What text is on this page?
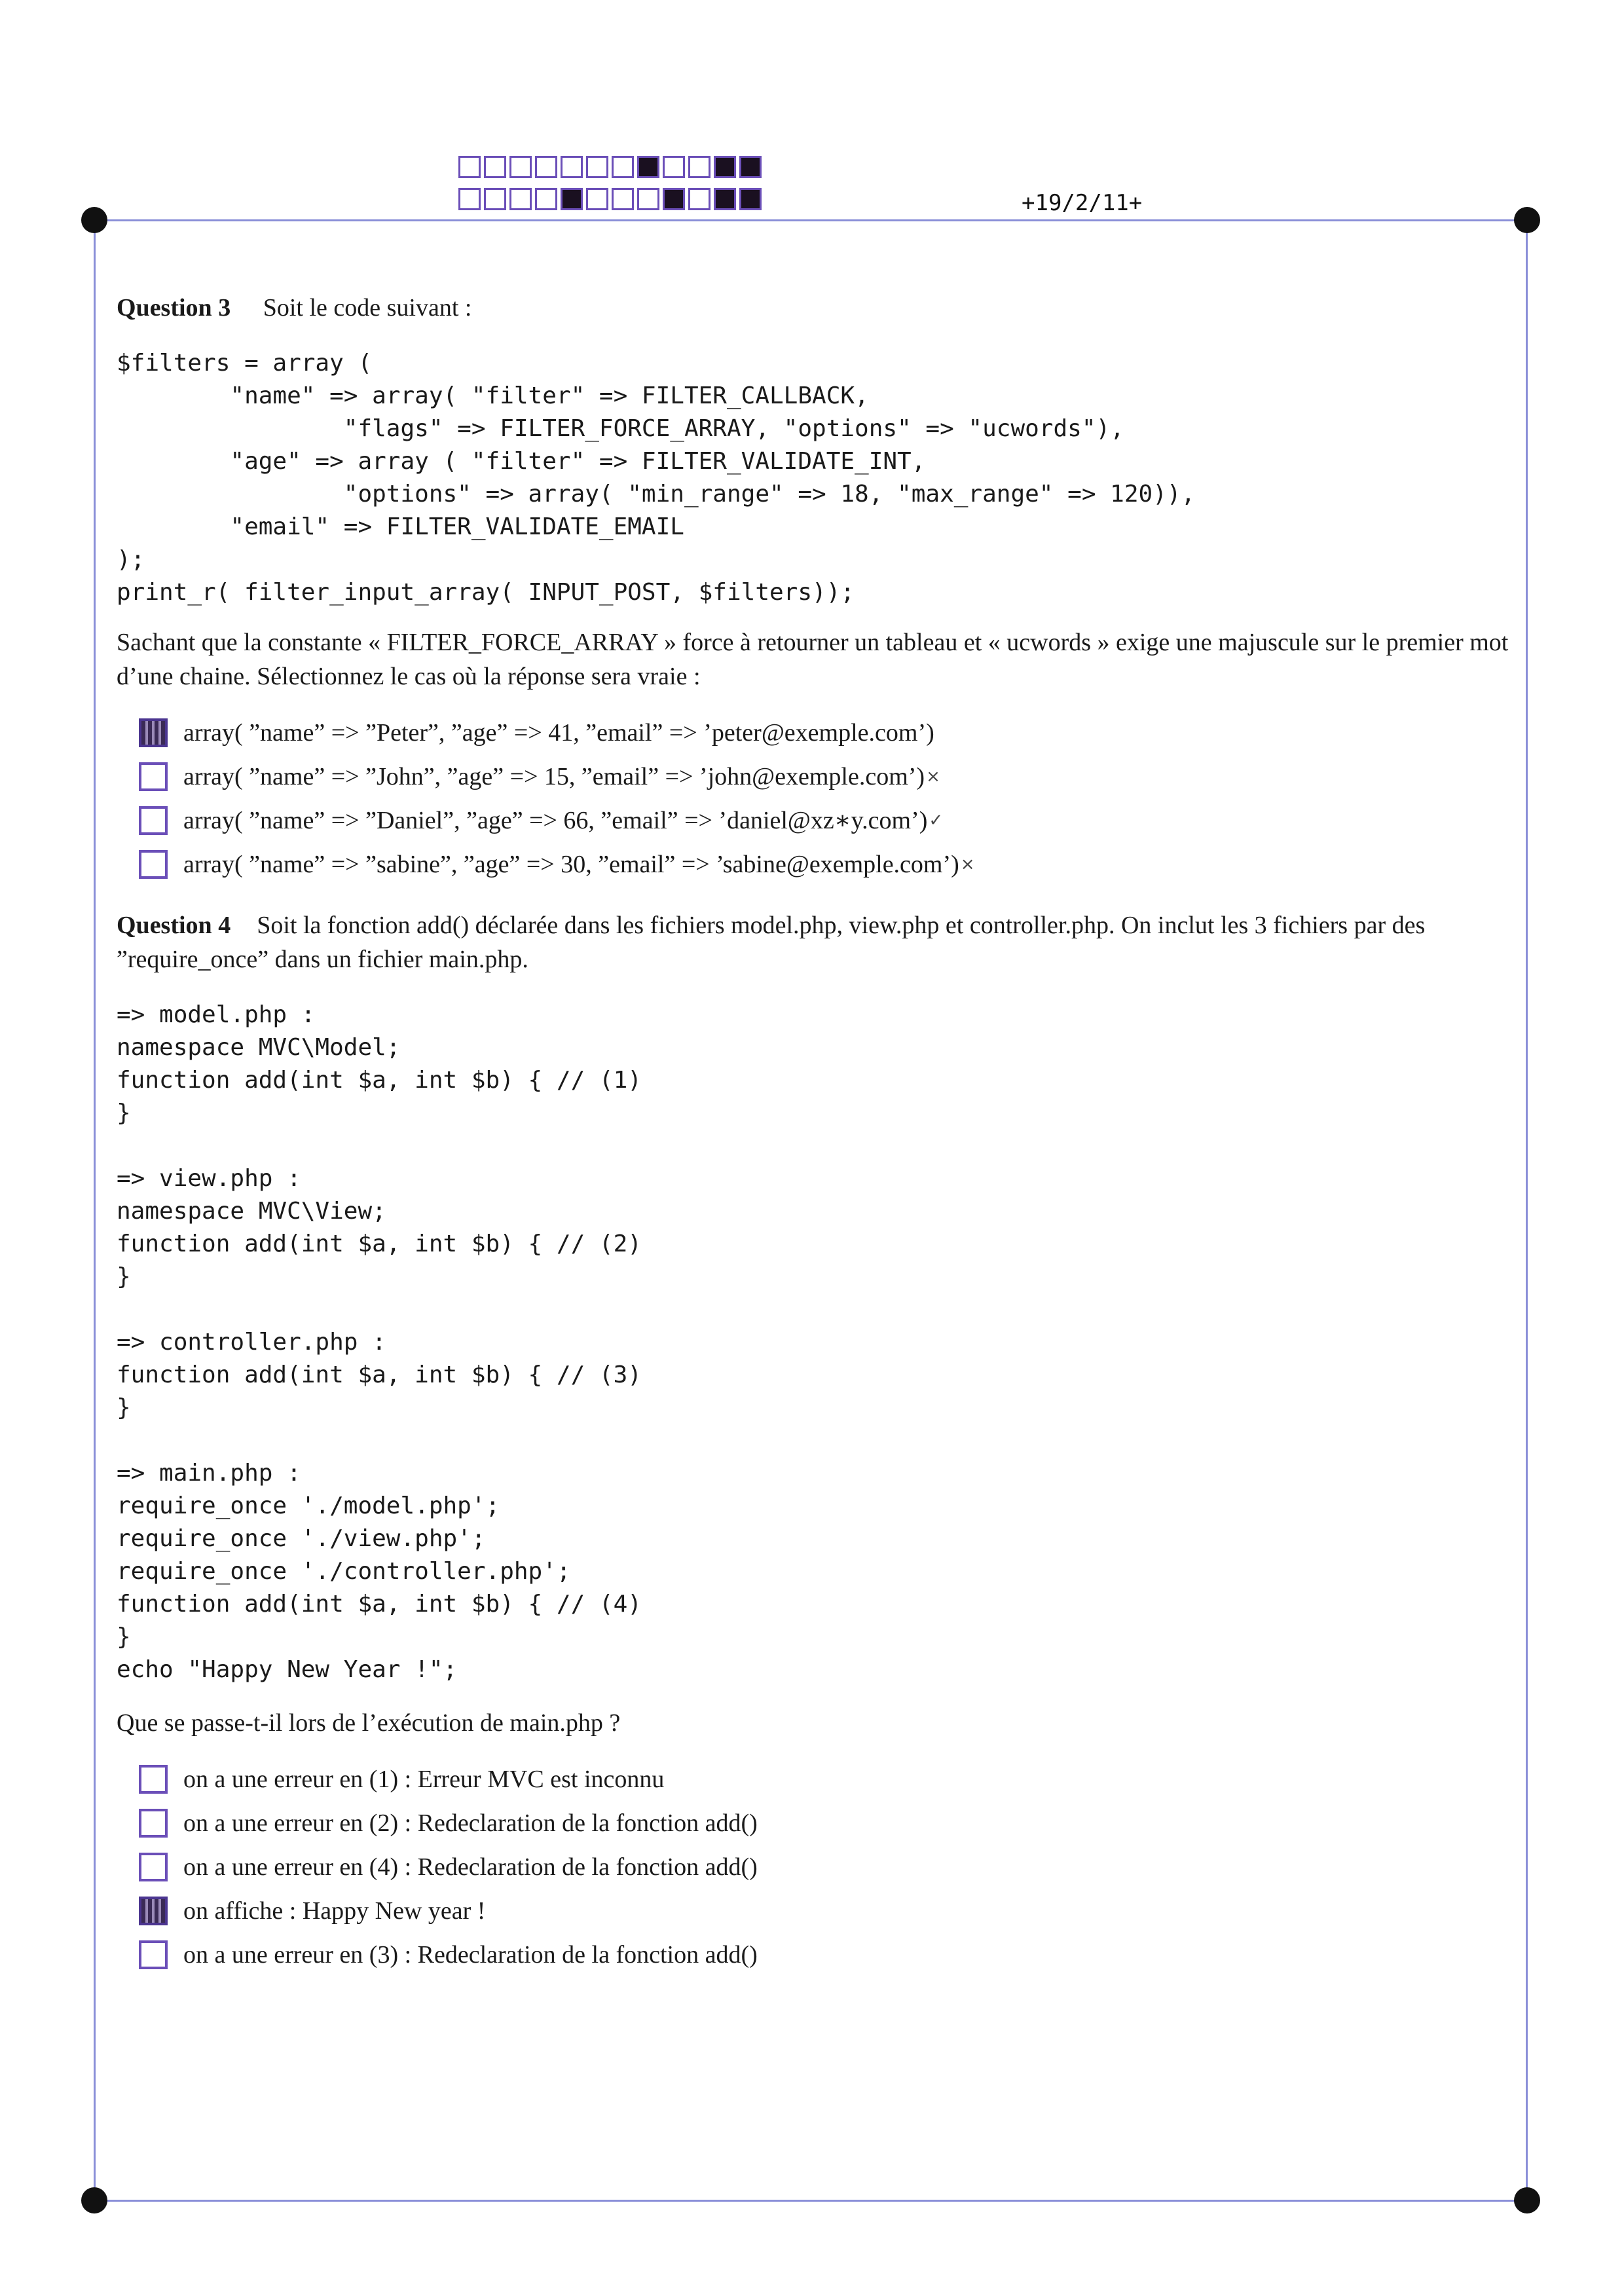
+19/2/11+
Question 3 Soit le code suivant :
$filters = array (
"name" => array( "filter" => FILTER_CALLBACK,
"flags" => FILTER_FORCE_ARRAY, "options" => "ucwords"),
"age" => array ( "filter" => FILTER_VALIDATE_INT,
"options" => array( "min_range" => 18, "max_range" => 120)),
"email" => FILTER_VALIDATE_EMAIL
);
print_r( filter_input_array( INPUT_POST, $filters));
Sachant que la constante « FILTER_FORCE_ARRAY » force à retourner un tableau et « ucwords » exige une majuscule sur le premier mot d’une chaine. Sélectionnez le cas où la réponse sera vraie :
array( ”name” => ”Peter”, ”age” => 41, ”email” => ’peter@exemple.com’)
array( ”name” => ”John”, ”age” => 15, ”email” => ’john@exemple.com’) ×
array( ”name” => ”Daniel”, ”age” => 66, ”email” => ’daniel@xz∗y.com’) ✓
array( ”name” => ”sabine”, ”age” => 30, ”email” => ’sabine@exemple.com’) ×
Question 4 Soit la fonction add() déclarée dans les fichiers model.php, view.php et controller.php. On inclut les 3 fichiers par des ”require_once” dans un fichier main.php.
=> model.php :
namespace MVC\Model;
function add(int $a, int $b) { // (1)
}

=> view.php :
namespace MVC\View;
function add(int $a, int $b) { // (2)
}

=> controller.php :
function add(int $a, int $b) { // (3)
}

=> main.php :
require_once './model.php';
require_once './view.php';
require_once './controller.php';
function add(int $a, int $b) { // (4)
}
echo "Happy New Year !";
Que se passe-t-il lors de l’exécution de main.php ?
on a une erreur en (1) : Erreur MVC est inconnu
on a une erreur en (2) : Redeclaration de la fonction add()
on a une erreur en (4) : Redeclaration de la fonction add()
on affiche : Happy New year !
on a une erreur en (3) : Redeclaration de la fonction add()
